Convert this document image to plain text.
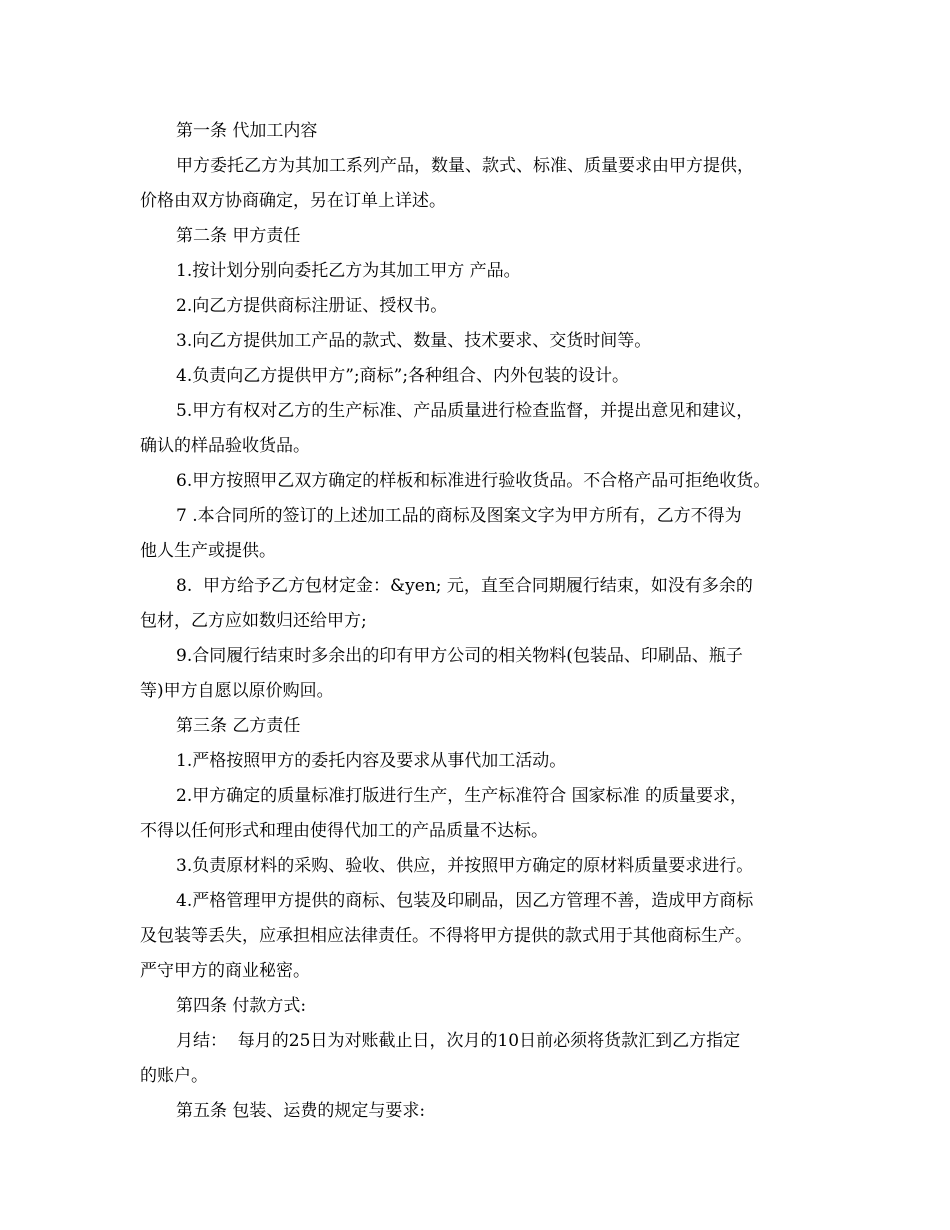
第一条 代加工内容
甲方委托乙方为其加工系列产品，数量、款式、标准、质量要求由甲方提供，
价格由双方协商确定，另在订单上详述。
第二条 甲方责任
1.按计划分别向委托乙方为其加工甲方 产品。
2.向乙方提供商标注册证、授权书。
3.向乙方提供加工产品的款式、数量、技术要求、交货时间等。
4.负责向乙方提供甲方”;商标”;各种组合、内外包装的设计。
5.甲方有权对乙方的生产标准、产品质量进行检查监督，并提出意见和建议，
确认的样品验收货品。
6.甲方按照甲乙双方确定的样板和标准进行验收货品。不合格产品可拒绝收货。
7 .本合同所的签订的上述加工品的商标及图案文字为甲方所有，乙方不得为
他人生产或提供。
8.  甲方给予乙方包材定金：&yen; 元，直至合同期履行结束，如没有多余的
包材，乙方应如数归还给甲方;
9.合同履行结束时多余出的印有甲方公司的相关物料(包装品、印刷品、瓶子
等)甲方自愿以原价购回。
第三条 乙方责任
1.严格按照甲方的委托内容及要求从事代加工活动。
2.甲方确定的质量标准打版进行生产，生产标准符合 国家标准 的质量要求，
不得以任何形式和理由使得代加工的产品质量不达标。
3.负责原材料的采购、验收、供应，并按照甲方确定的原材料质量要求进行。
4.严格管理甲方提供的商标、包装及印刷品，因乙方管理不善，造成甲方商标
及包装等丢失，应承担相应法律责任。不得将甲方提供的款式用于其他商标生产。
严守甲方的商业秘密。
第四条 付款方式:
月结：  每月的25日为对账截止日，次月的10日前必须将货款汇到乙方指定
的账户。
第五条 包装、运费的规定与要求:
